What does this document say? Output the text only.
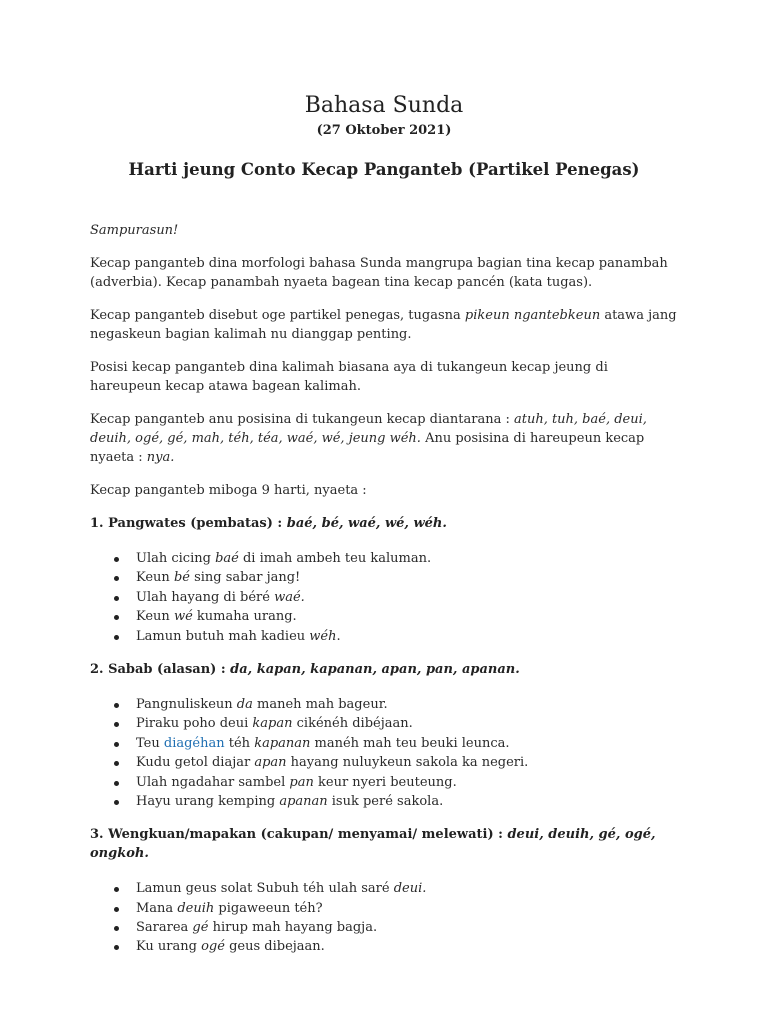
Bahasa Sunda
(27 Oktober 2021)
Harti jeung Conto Kecap Panganteb (Partikel Penegas)

Sampurasun!

Kecap panganteb dina morfologi bahasa Sunda mangrupa bagian tina kecap panambah (adverbia). Kecap panambah nyaeta bagean tina kecap pancén (kata tugas).

Kecap panganteb disebut oge partikel penegas, tugasna pikeun ngantebkeun atawa jang negaskeun bagian kalimah nu dianggap penting.

Posisi kecap panganteb dina kalimah biasana aya di tukangeun kecap jeung di hareupeun kecap atawa bagean kalimah.

Kecap panganteb anu posisina di tukangeun kecap diantarana : atuh, tuh, baé, deui, deuih, ogé, gé, mah, téh, téa, waé, wé, jeung wéh. Anu posisina di hareupeun kecap nyaeta : nya.

Kecap panganteb miboga 9 harti, nyaeta :

1. Pangwates (pembatas) : baé, bé, waé, wé, wéh.

Ulah cicing baé di imah ambeh teu kaluman.
Keun bé sing sabar jang!
Ulah hayang di béré waé.
Keun wé kumaha urang.
Lamun butuh mah kadieu wéh.

2. Sabab (alasan) : da, kapan, kapanan, apan, pan, apanan.

Pangnuliskeun da maneh mah bageur.
Piraku poho deui kapan cikénéh dibéjaan.
Teu diagéhan téh kapanan manéh mah teu beuki leunca.
Kudu getol diajar apan hayang nuluykeun sakola ka negeri.
Ulah ngadahar sambel pan keur nyeri beuteung.
Hayu urang kemping apanan isuk peré sakola.

3. Wengkuan/mapakan (cakupan/ menyamai/ melewati) : deui, deuih, gé, ogé, ongkoh.

Lamun geus solat Subuh téh ulah saré deui.
Mana deuih pigaweeun téh?
Sararea gé hirup mah hayang bagja.
Ku urang ogé geus dibejaan.
